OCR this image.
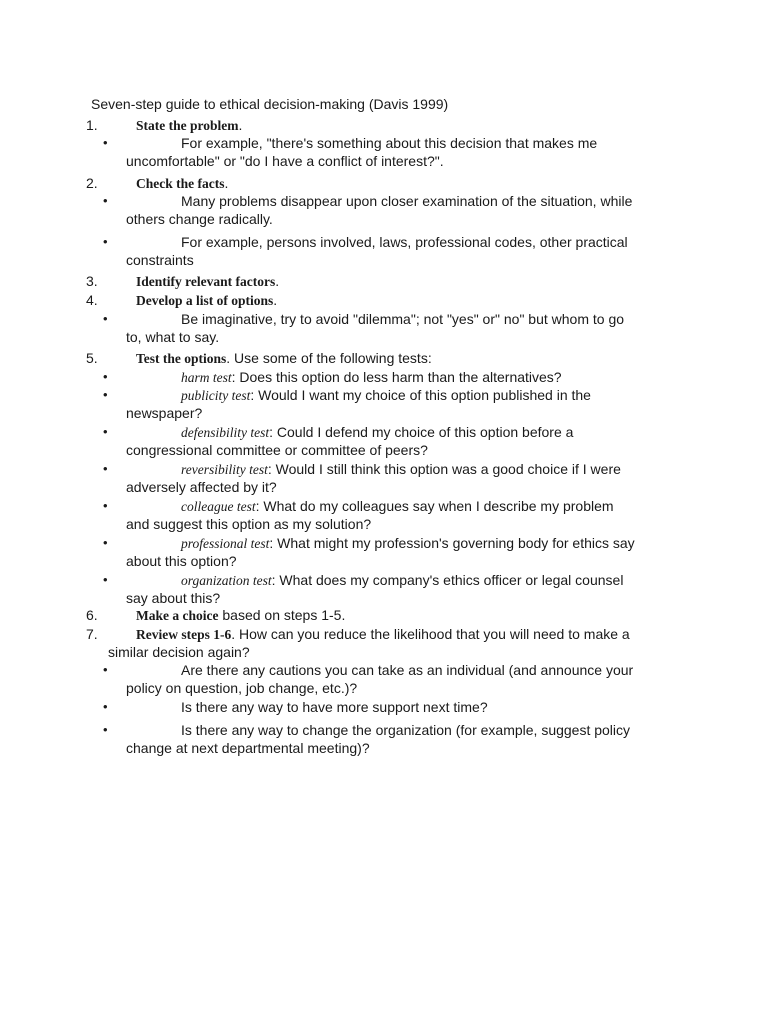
Seven-step guide to ethical decision-making (Davis 1999)
1.	State the problem.
•	For example, "there's something about this decision that makes me
uncomfortable" or "do I have a conflict of interest?".
2.	Check the facts.
•	Many problems disappear upon closer examination of the situation, while
others change radically.
•	For example, persons involved, laws, professional codes, other practical
constraints
3.	Identify relevant factors.
4.	Develop a list of options.
•	Be imaginative, try to avoid "dilemma"; not "yes" or" no" but whom to go
to, what to say.
5.	Test the options. Use some of the following tests:
•	harm test: Does this option do less harm than the alternatives?
•	publicity test: Would I want my choice of this option published in the
newspaper?
•	defensibility test: Could I defend my choice of this option before a
congressional committee or committee of peers?
•	reversibility test: Would I still think this option was a good choice if I were
adversely affected by it?
•	colleague test: What do my colleagues say when I describe my problem
and suggest this option as my solution?
•	professional test: What might my profession's governing body for ethics say
about this option?
•	organization test: What does my company's ethics officer or legal counsel
say about this?
6.	Make a choice based on steps 1-5.
7.	Review steps 1-6. How can you reduce the likelihood that you will need to make a
similar decision again?
•	Are there any cautions you can take as an individual (and announce your
policy on question, job change, etc.)?
•	Is there any way to have more support next time?
•	Is there any way to change the organization (for example, suggest policy
change at next departmental meeting)?
